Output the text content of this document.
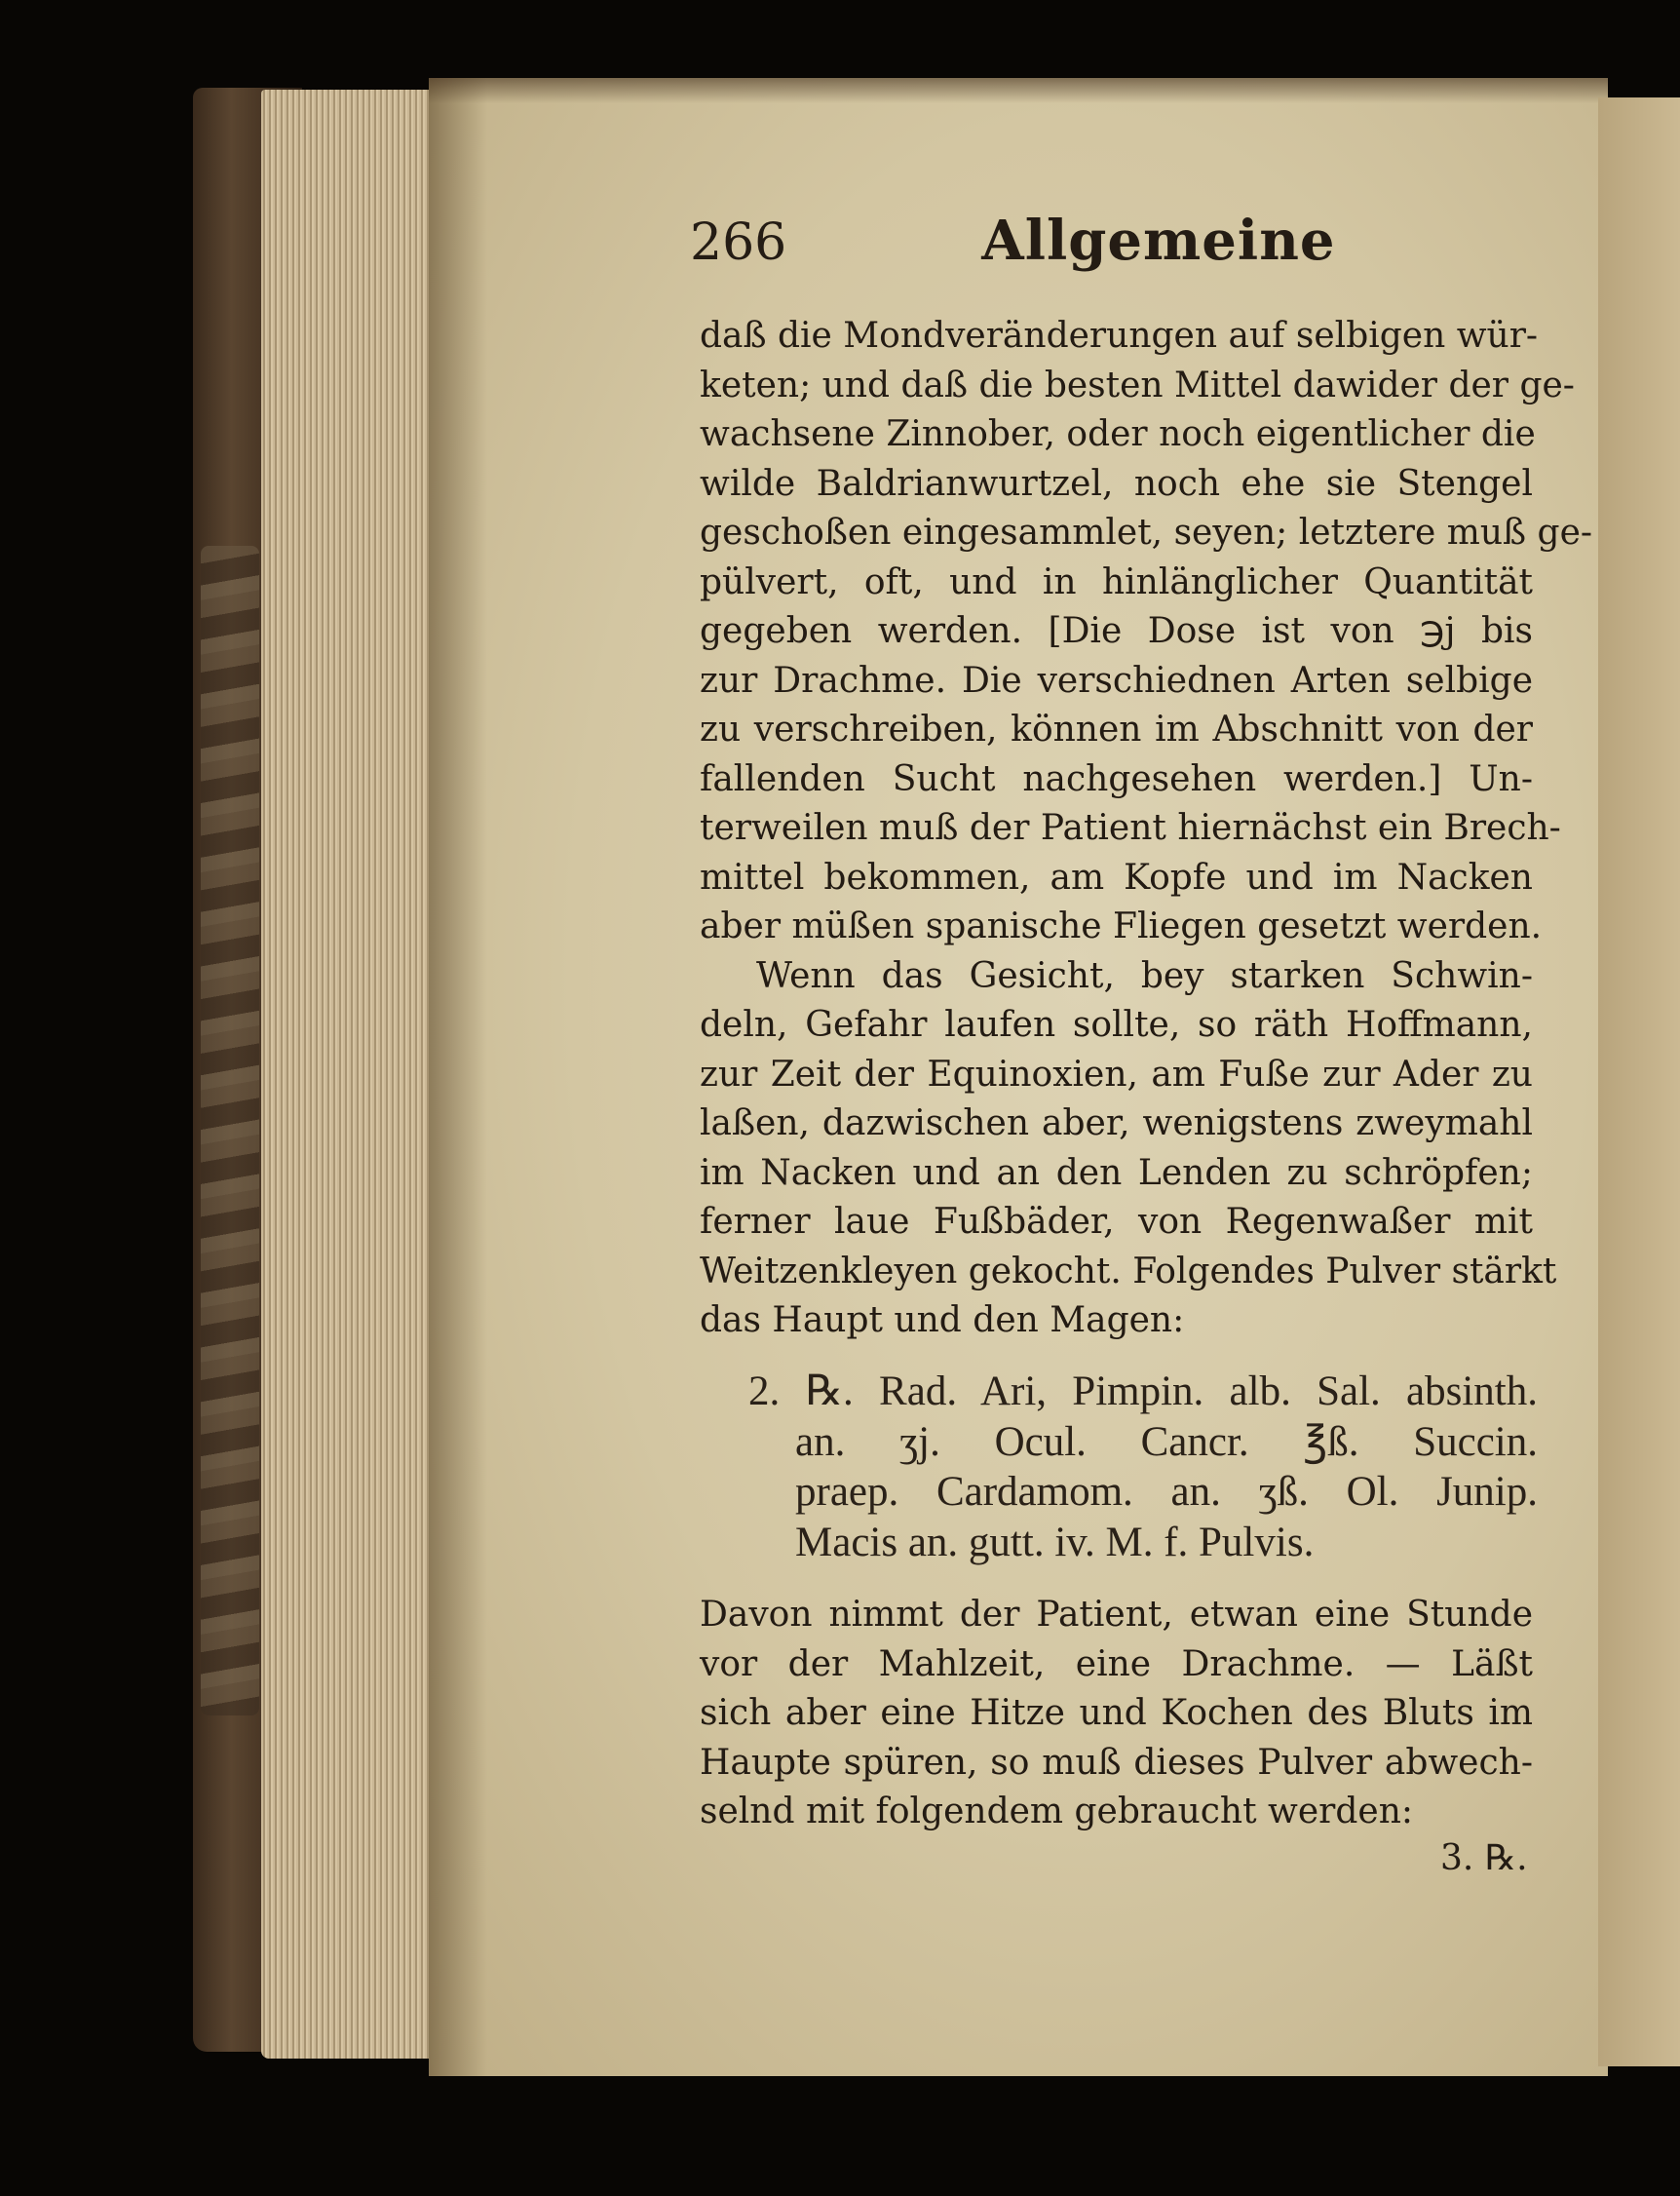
266	Allgemeine
daß die Mondveränderungen auf selbigen wür-
keten; und daß die besten Mittel dawider der ge-
wachsene Zinnober, oder noch eigentlicher die
wilde Baldrianwurtzel, noch ehe sie Stengel
geschoßen eingesammlet, seyen; letztere muß ge-
pülvert, oft, und in hinlänglicher Quantität
gegeben werden. [Die Dose ist von ℈j bis
zur Drachme. Die verschiednen Arten selbige
zu verschreiben, können im Abschnitt von der
fallenden Sucht nachgesehen werden.] Un-
terweilen muß der Patient hiernächst ein Brech-
mittel bekommen, am Kopfe und im Nacken
aber müßen spanische Fliegen gesetzt werden.
Wenn das Gesicht, bey starken Schwin-
deln, Gefahr laufen sollte, so räth Hoffmann,
zur Zeit der Equinoxien, am Fuße zur Ader zu
laßen, dazwischen aber, wenigstens zweymahl
im Nacken und an den Lenden zu schröpfen;
ferner laue Fußbäder, von Regenwaßer mit
Weitzenkleyen gekocht. Folgendes Pulver stärkt
das Haupt und den Magen:
2. ℞. Rad. Ari, Pimpin. alb. Sal. absinth.
an. ʒj. Ocul. Cancr. ℥ß. Succin.
praep. Cardamom. an. ʒß. Ol. Junip.
Macis an. gutt. iv. M. f. Pulvis.
Davon nimmt der Patient, etwan eine Stunde
vor der Mahlzeit, eine Drachme. — Läßt
sich aber eine Hitze und Kochen des Bluts im
Haupte spüren, so muß dieses Pulver abwech-
selnd mit folgendem gebraucht werden:
3. ℞.
